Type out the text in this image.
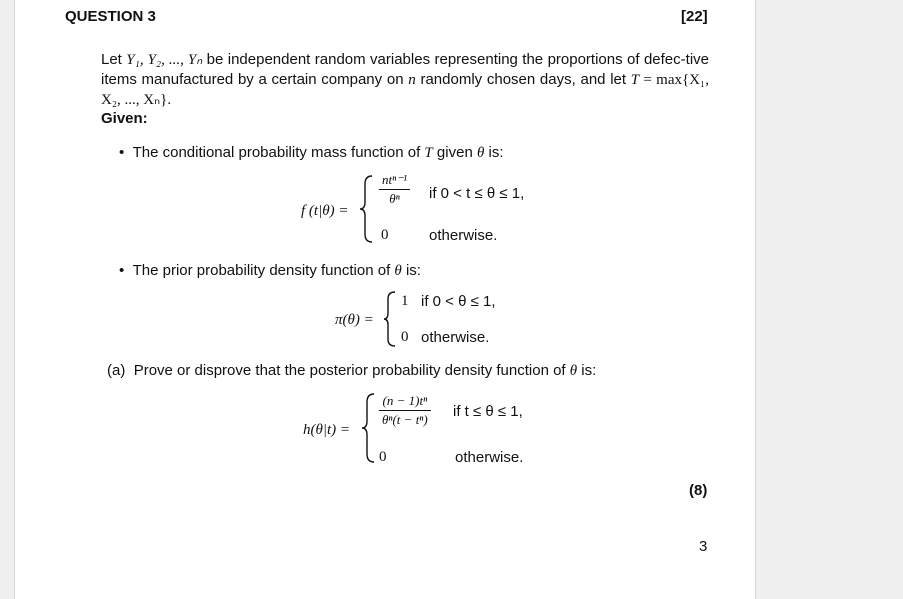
QUESTION 3	[22]
Let Y₁, Y₂, ..., Yₙ be independent random variables representing the proportions of defec-tive items manufactured by a certain company on n randomly chosen days, and let T = max{X₁, X₂, ..., Xₙ}.
Given:
•  The conditional probability mass function of T given θ is:
f (t|θ) =
$\frac{\text{ntⁿ⁻¹}}{\text{θⁿ}}$ if 0 < t ≤ θ ≤ 1,
0	otherwise.
•  The prior probability density function of θ is:
π(θ) =
1 if 0 < θ ≤ 1,
0 otherwise.
(a) Prove or disprove that the posterior probability density function of θ is:
h(θ|t) =
$\frac{\text{(n − 1)tⁿ}}{\text{θⁿ(t − tⁿ)}}$ if t ≤ θ ≤ 1,
0	otherwise.
(8)
3
